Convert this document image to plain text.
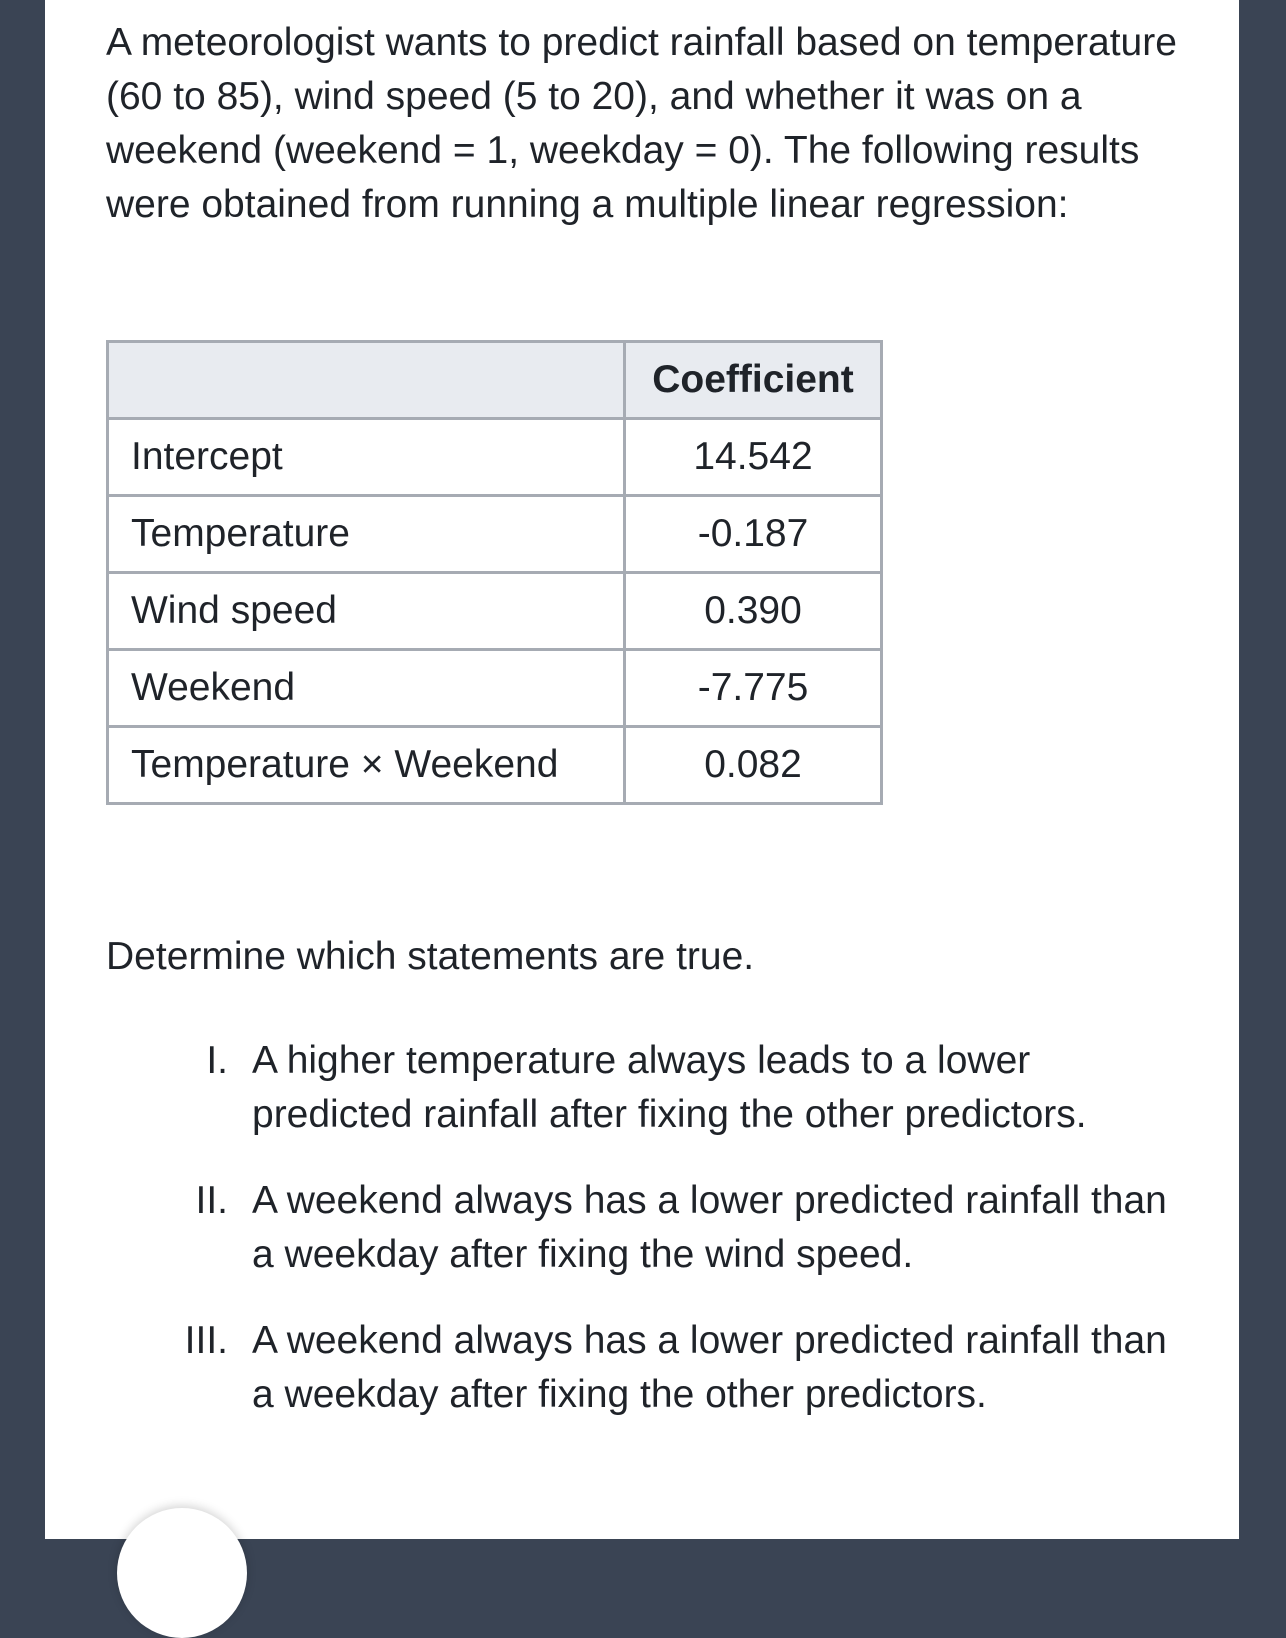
A meteorologist wants to predict rainfall based on temperature (60 to 85), wind speed (5 to 20), and whether it was on a weekend (weekend = 1, weekday = 0). The following results were obtained from running a multiple linear regression:

	Coefficient
Intercept	14.542
Temperature	-0.187
Wind speed	0.390
Weekend	-7.775
Temperature × Weekend	0.082

Determine which statements are true.

I. A higher temperature always leads to a lower predicted rainfall after fixing the other predictors.
II. A weekend always has a lower predicted rainfall than a weekday after fixing the wind speed.
III. A weekend always has a lower predicted rainfall than a weekday after fixing the other predictors.
